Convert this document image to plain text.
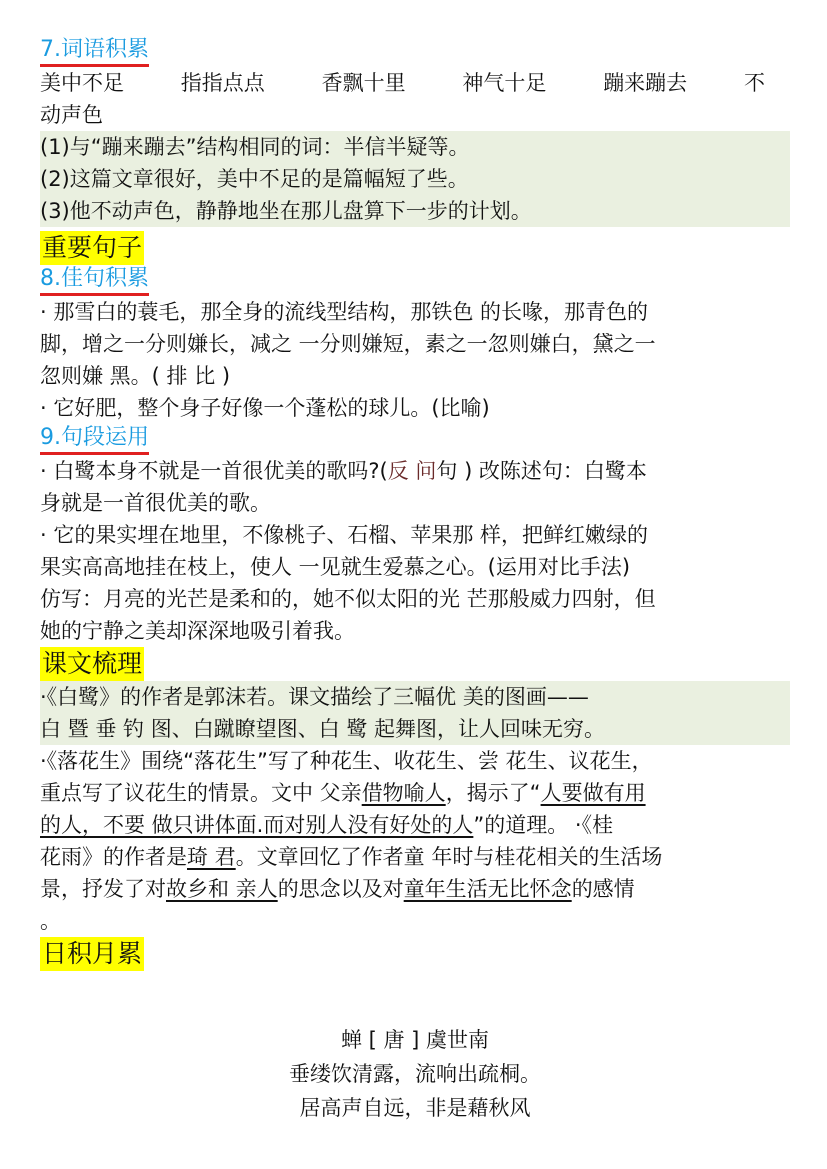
7.词语积累
美中不足	指指点点	香飘十里	神气十足	蹦来蹦去	不
动声色
(1)与“蹦来蹦去”结构相同的词：半信半疑等。
(2)这篇文章很好，美中不足的是篇幅短了些。
(3)他不动声色，静静地坐在那儿盘算下一步的计划。
重要句子
8.佳句积累
· 那雪白的蓑毛，那全身的流线型结构，那铁色 的长喙，那青色的
脚，增之一分则嫌长，减之 一分则嫌短，素之一忽则嫌白，黛之一
忽则嫌 黑。( 排 比 )
· 它好肥，整个身子好像一个蓬松的球儿。(比喻)
9.句段运用
· 白鹭本身不就是一首很优美的歌吗?(反 问句 ) 改陈述句：白鹭本
身就是一首很优美的歌。
· 它的果实埋在地里，不像桃子、石榴、苹果那 样，把鲜红嫩绿的
果实高高地挂在枝上，使人 一见就生爱慕之心。(运用对比手法)
仿写：月亮的光芒是柔和的，她不似太阳的光 芒那般威力四射，但
她的宁静之美却深深地吸引着我。
课文梳理
·《白鹭》的作者是郭沫若。课文描绘了三幅优 美的图画——
白 暨 垂 钓 图、白蹴瞭望图、白 鹭 起舞图，让人回味无穷。
·《落花生》围绕“落花生”写了种花生、收花生、尝 花生、议花生，
重点写了议花生的情景。文中 父亲借物喻人，揭示了“人要做有用
的人，不要 做只讲体面.而对别人没有好处的人”的道理。 ·《桂
花雨》的作者是琦 君。文章回忆了作者童 年时与桂花相关的生活场
景，抒发了对故乡和 亲人的思念以及对童年生活无比怀念的感情
。
日积月累
蝉 [ 唐 ] 虞世南
垂缕饮清露，流响出疏桐。
居高声自远，非是藉秋风
